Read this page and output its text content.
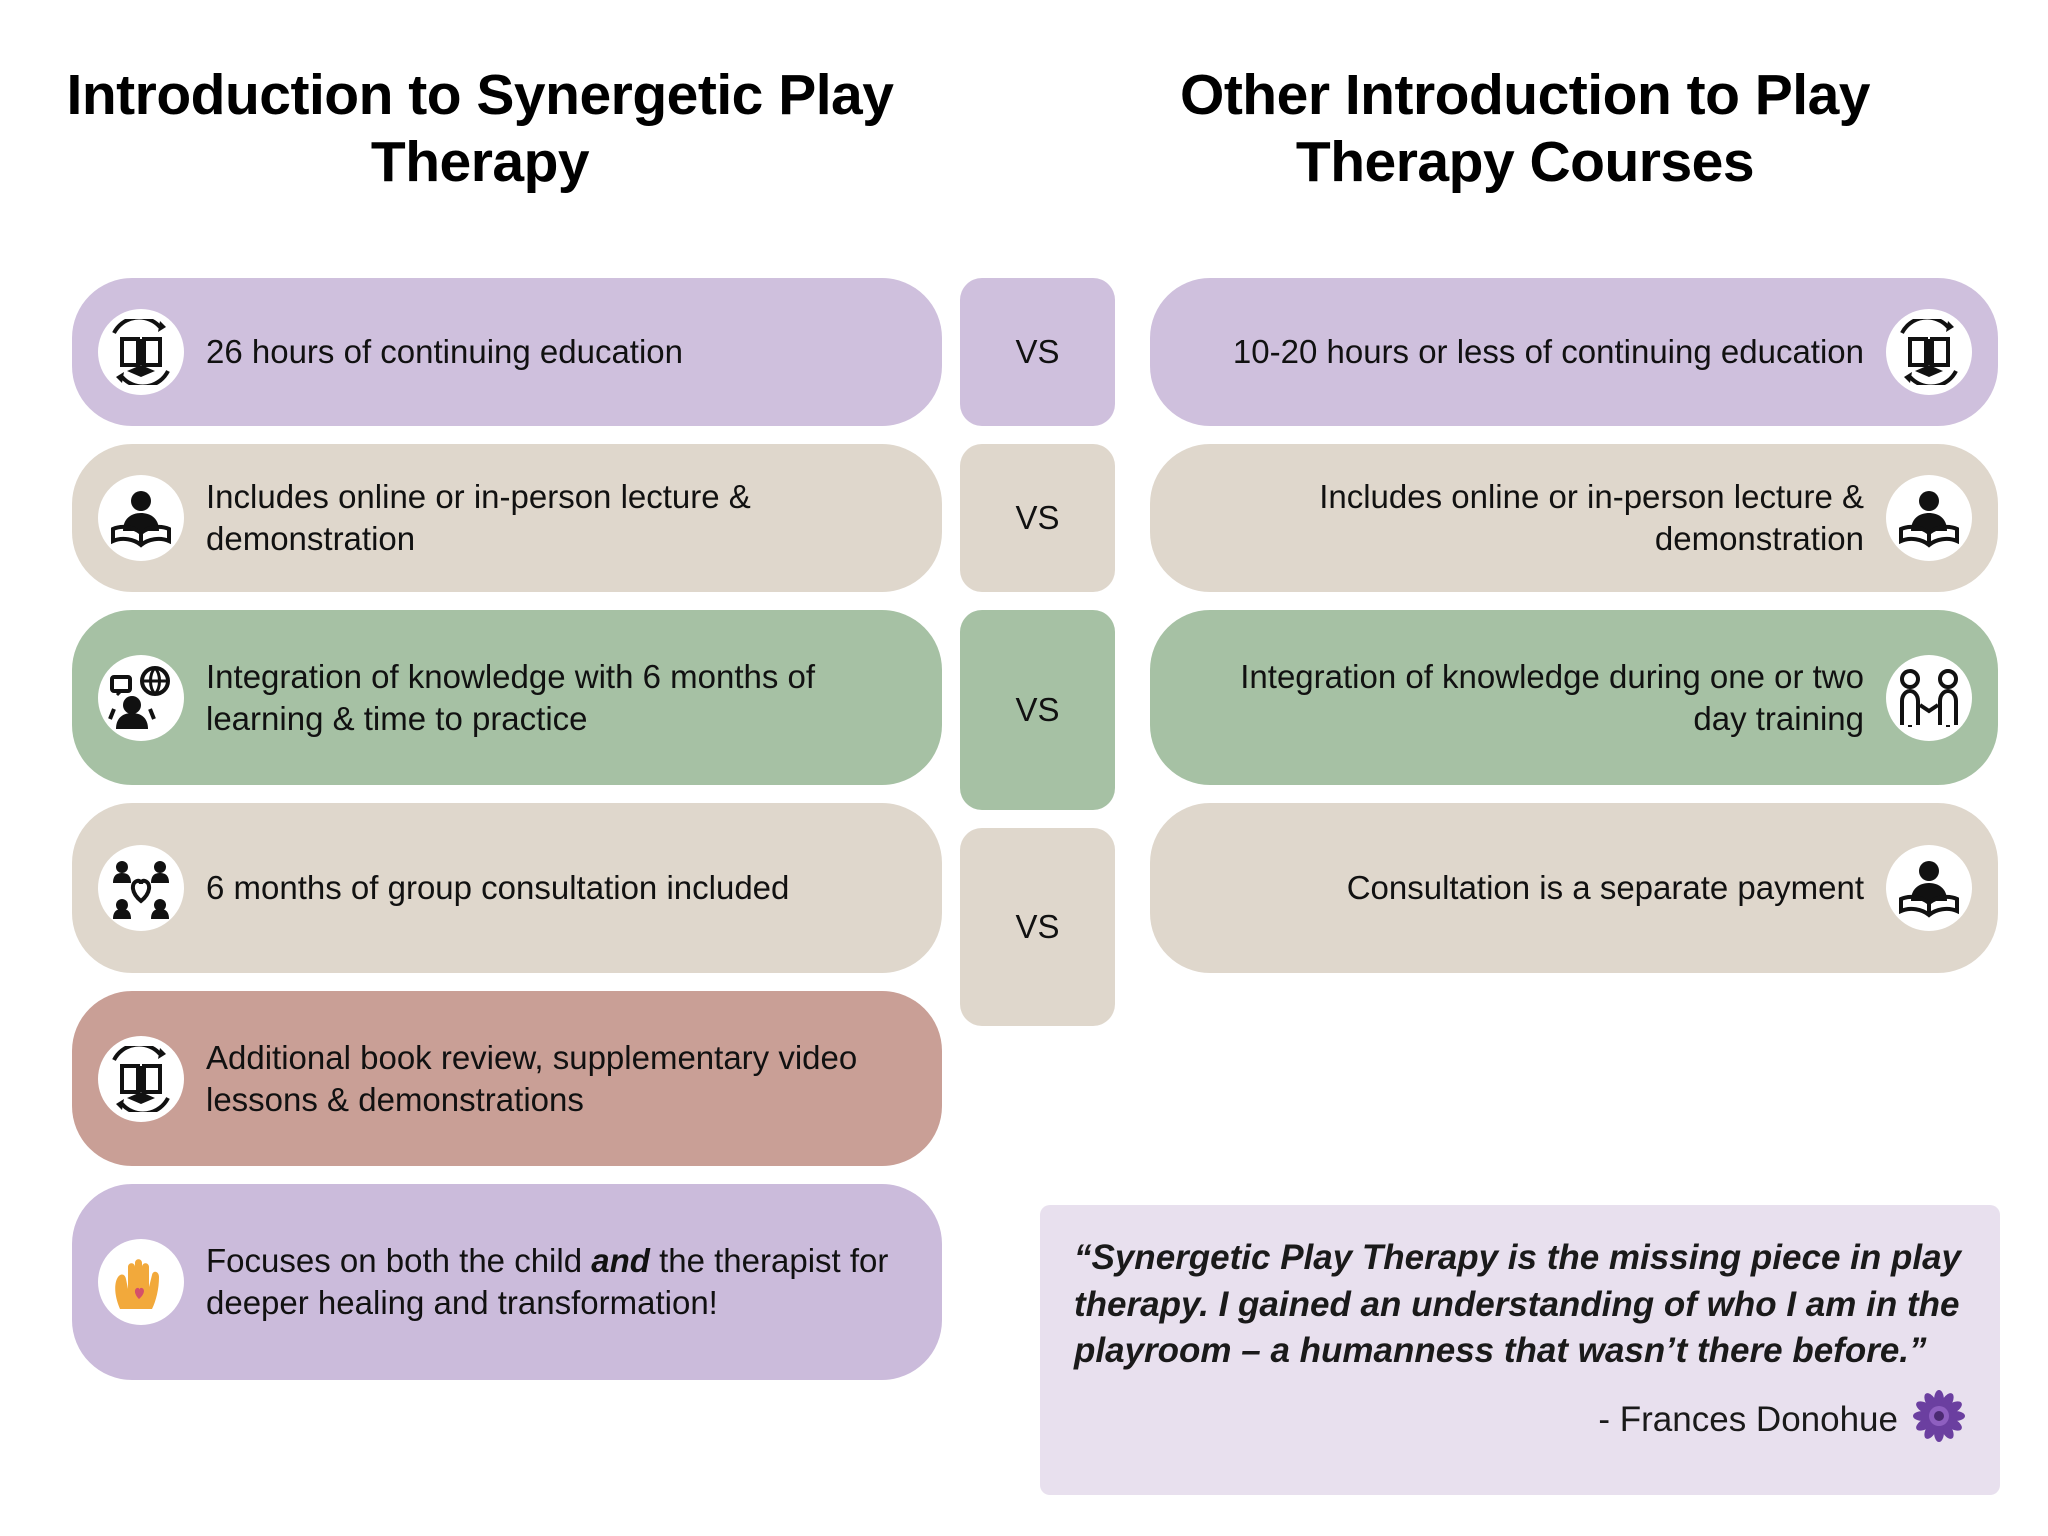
Introduction to Synergetic Play Therapy
Other Introduction to Play Therapy Courses
26 hours of continuing education
Includes online or in-person lecture & demonstration
Integration of knowledge with 6 months of learning & time to practice
6 months of group consultation included
Additional book review, supplementary video lessons & demonstrations
Focuses on both the child and the therapist for deeper healing and transformation!
VS
VS
VS
VS
10-20 hours or less of continuing education
Includes online or in-person lecture & demonstration
Integration of knowledge during one or two day training
Consultation is a separate payment
“Synergetic Play Therapy is the missing piece in play therapy. I gained an understanding of who I am in the playroom – a humanness that wasn’t there before.”
- Frances Donohue
